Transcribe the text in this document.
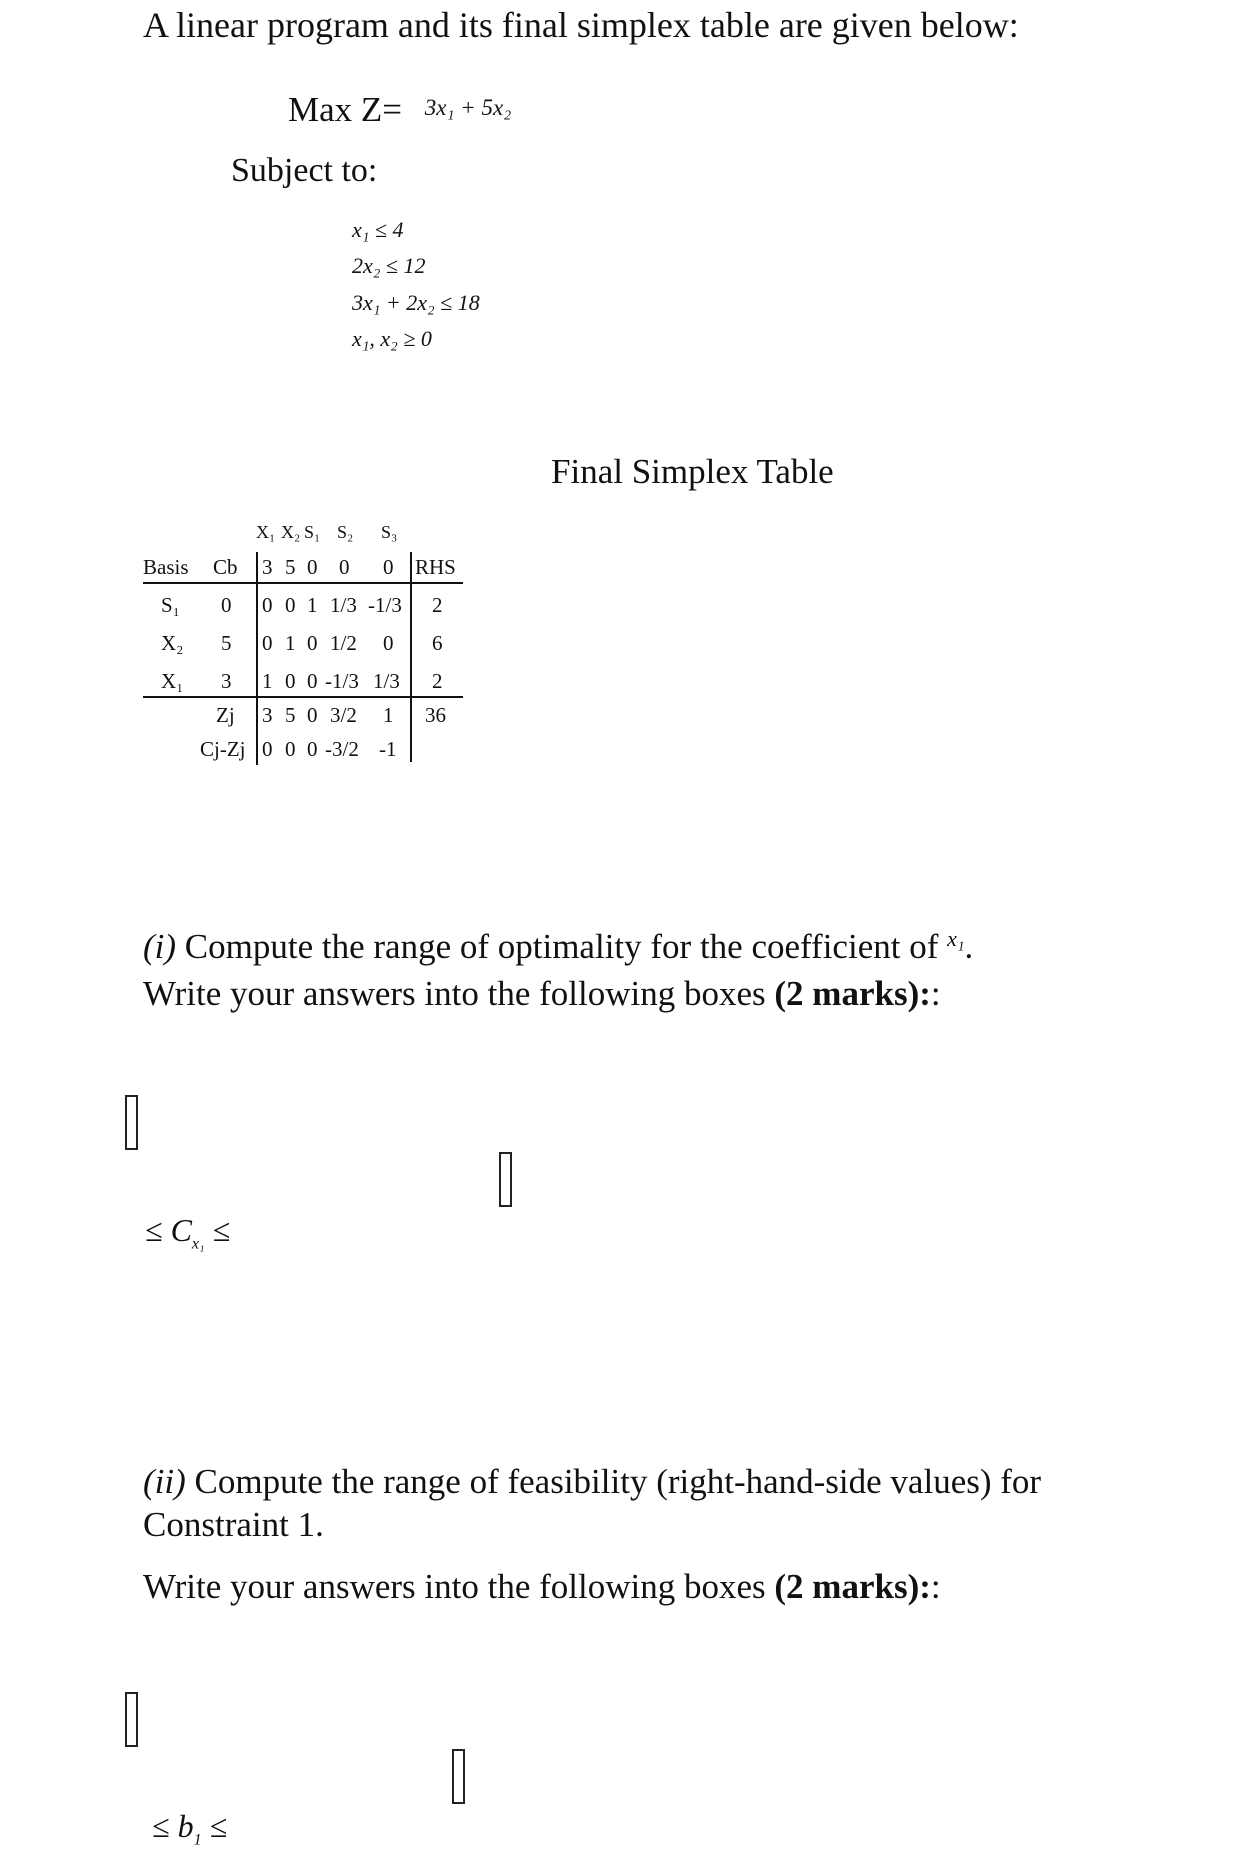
A linear program and its final simplex table are given below:
Max Z= 3x₁ + 5x₂
Subject to:
x₁ ≤ 4
2x₂ ≤ 12
3x₁ + 2x₂ ≤ 18
x₁, x₂ ≥ 0
Final Simplex Table
X₁ X₂ S₁ S₂ S₃
Basis Cb 3 5 0 0 0 RHS
S₁ 0 0 0 1 1/3 -1/3 2
X₂ 5 0 1 0 1/2 0 6
X₁ 3 1 0 0 -1/3 1/3 2
Zj 3 5 0 3/2 1 36
Cj-Zj 0 0 0 -3/2 -1
(i) Compute the range of optimality for the coefficient of $^{x_1}$.
Write your answers into the following boxes (2 marks)::
≤ $C_{x_1}$ ≤
(ii) Compute the range of feasibility (right-hand-side values) for
Constraint 1.
Write your answers into the following boxes (2 marks)::
≤ $b_1$ ≤
